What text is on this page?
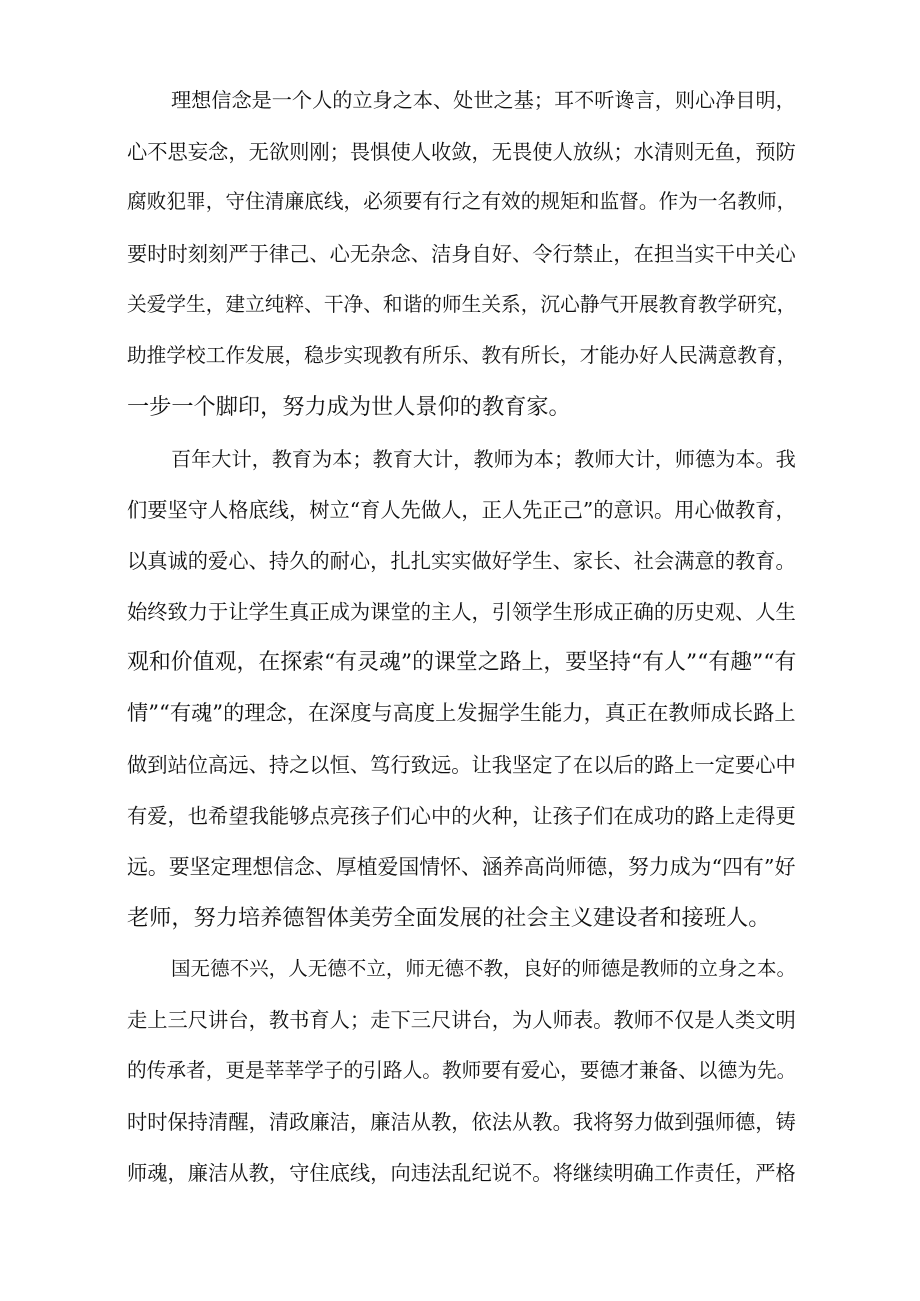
理想信念是一个人的立身之本、处世之基；耳不听谗言，则心净目明，

心不思妄念，无欲则刚；畏惧使人收敛，无畏使人放纵；水清则无鱼，预防

腐败犯罪，守住清廉底线，必须要有行之有效的规矩和监督。作为一名教师，

要时时刻刻严于律己、心无杂念、洁身自好、令行禁止，在担当实干中关心

关爱学生，建立纯粹、干净、和谐的师生关系，沉心静气开展教育教学研究，

助推学校工作发展，稳步实现教有所乐、教有所长，才能办好人民满意教育，

一步一个脚印，努力成为世人景仰的教育家。

百年大计，教育为本；教育大计，教师为本；教师大计，师德为本。我

们要坚守人格底线，树立“育人先做人，正人先正己”的意识。用心做教育，

以真诚的爱心、持久的耐心，扎扎实实做好学生、家长、社会满意的教育。

始终致力于让学生真正成为课堂的主人，引领学生形成正确的历史观、人生

观和价值观，在探索“有灵魂”的课堂之路上，要坚持“有人”“有趣”“有

情”“有魂”的理念，在深度与高度上发掘学生能力，真正在教师成长路上

做到站位高远、持之以恒、笃行致远。让我坚定了在以后的路上一定要心中

有爱，也希望我能够点亮孩子们心中的火种，让孩子们在成功的路上走得更

远。要坚定理想信念、厚植爱国情怀、涵养高尚师德，努力成为“四有”好

老师，努力培养德智体美劳全面发展的社会主义建设者和接班人。

国无德不兴，人无德不立，师无德不教，良好的师德是教师的立身之本。

走上三尺讲台，教书育人；走下三尺讲台，为人师表。教师不仅是人类文明

的传承者，更是莘莘学子的引路人。教师要有爱心，要德才兼备、以德为先。

时时保持清醒，清政廉洁，廉洁从教，依法从教。我将努力做到强师德，铸

师魂，廉洁从教，守住底线，向违法乱纪说不。将继续明确工作责任，严格
